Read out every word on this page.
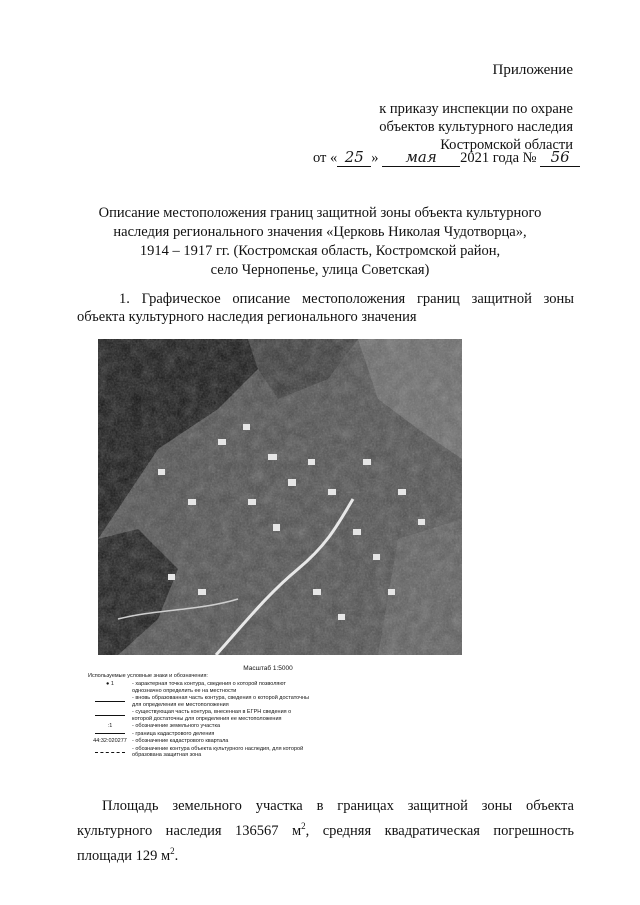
Приложение
к приказу инспекции по охране
объектов культурного наследия
Костромской области
от « 25 » мая 2021 года № 56
Описание местоположения границ защитной зоны объекта культурного
наследия регионального значения «Церковь Николая Чудотворца»,
1914 – 1917 гг. (Костромская область, Костромской район,
село Чернопенье, улица Советская)
1. Графическое описание местоположения границ защитной зоны
объекта культурного наследия регионального значения
Масштаб 1:5000
Используемые условные знаки и обозначения:
● 1	- характерная точка контура, сведения о которой позволяют однозначно определить ее на местности
- вновь образованная часть контура, сведения о которой достаточны для определения ее местоположения
- существующая часть контура, внесенная в ЕГРН сведения о которой достаточны для определения ее местоположения
:1	- обозначение земельного участка
- граница кадастрового деления
44:32:020277 - обозначение кадастрового квартала
- обозначение контура объекта культурного наследия, для которой образована защитная зона
Площадь земельного участка в границах защитной зоны объекта
культурного наследия 136567 $м^2$, средняя квадратическая погрешность
площади 129 $м^2$.
